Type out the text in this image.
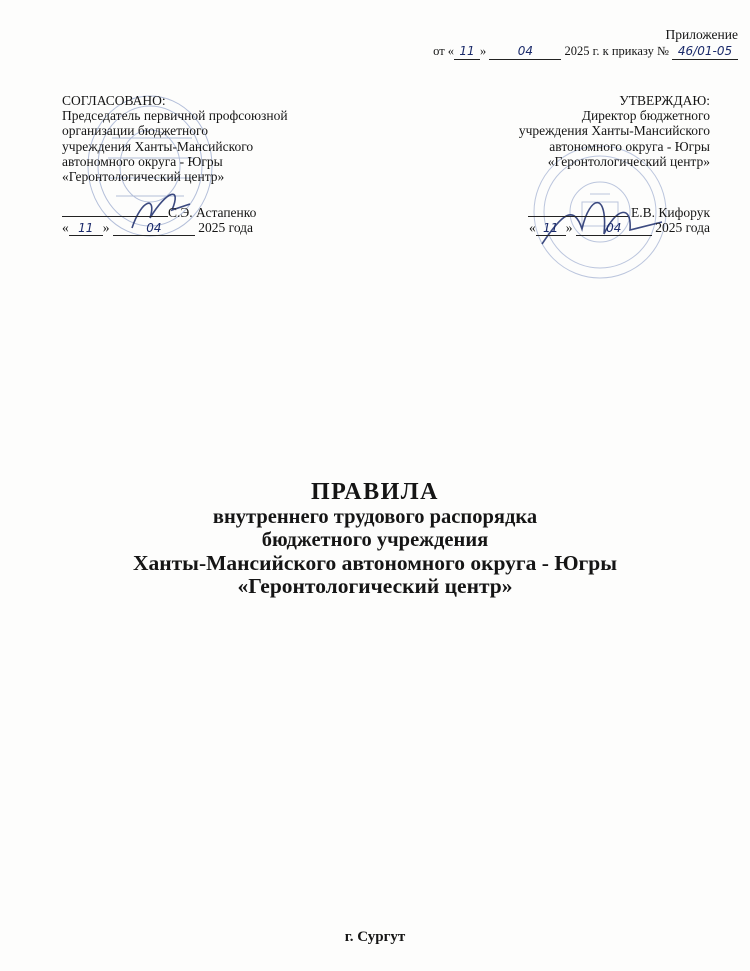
Приложение
от « 11 »	04	2025 г. к приказу № 46/01-05
СОГЛАСОВАНО:
Председатель первичной профсоюзной
организации бюджетного
учреждения Ханты-Мансийского
автономного округа - Югры
«Геронтологический центр»
С.Э. Астапенко
« 11 »	04	2025 года
УТВЕРЖДАЮ:
Директор бюджетного
учреждения Ханты-Мансийского
автономного округа - Югры
«Геронтологический центр»
Е.В. Кифорук
« 11 »	04 2025 года
ПРАВИЛА
внутреннего трудового распорядка
бюджетного учреждения
Ханты-Мансийского автономного округа - Югры
«Геронтологический центр»
г. Сургут
